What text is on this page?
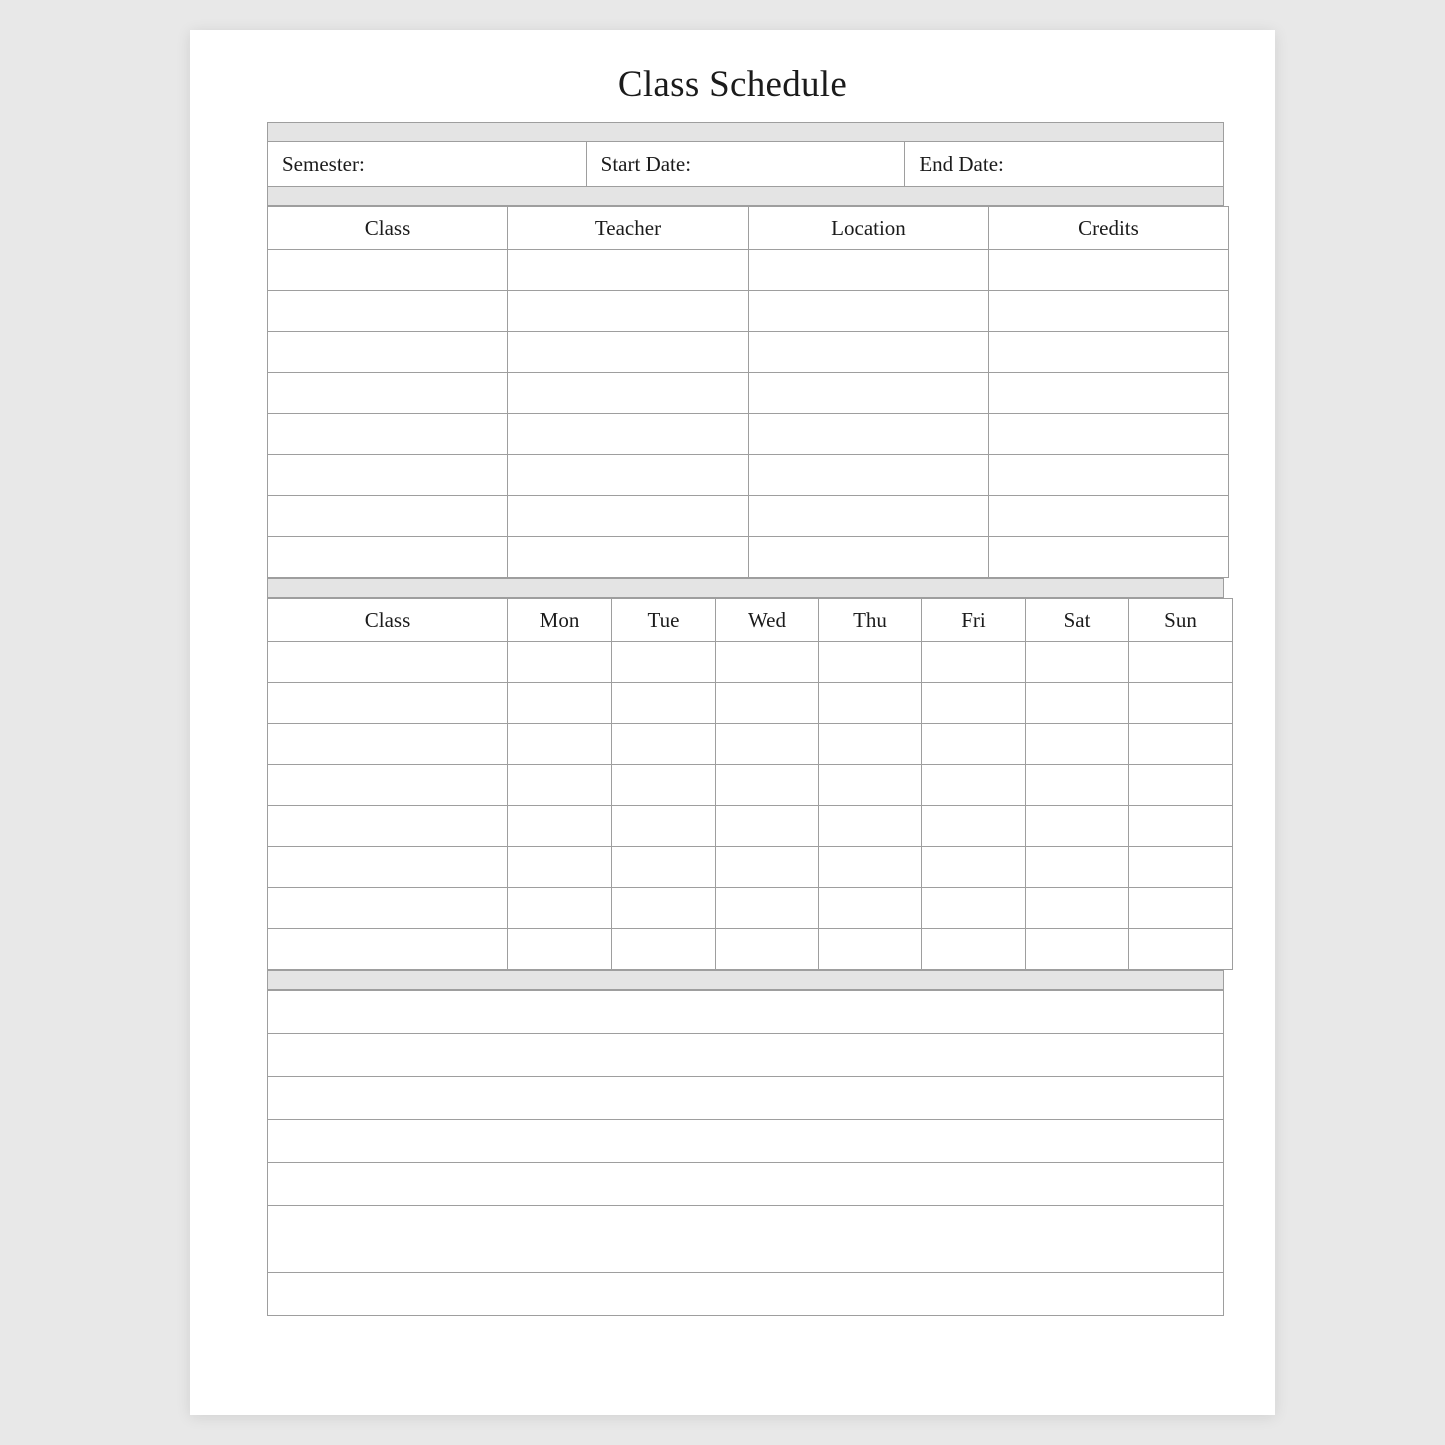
Class Schedule

Semester:	Start Date:	End Date:

Class	Teacher	Location	Credits

Class	Mon	Tue	Wed	Thu	Fri	Sat	Sun
